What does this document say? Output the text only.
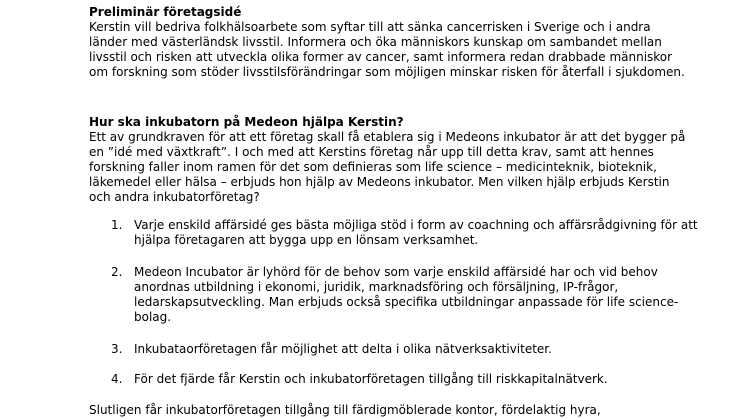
Preliminär företagsidé

Kerstin vill bedriva folkhälsoarbete som syftar till att sänka cancerrisken i Sverige och i andra länder med västerländsk livsstil. Informera och öka människors kunskap om sambandet mellan livsstil och risken att utveckla olika former av cancer, samt informera redan drabbade människor om forskning som stöder livsstilsförändringar som möjligen minskar risken för återfall i sjukdomen.

Hur ska inkubatorn på Medeon hjälpa Kerstin?

Ett av grundkraven för att ett företag skall få etablera sig i Medeons inkubator är att det bygger på en ”idé med växtkraft”. I och med att Kerstins företag når upp till detta krav, samt att hennes forskning faller inom ramen för det som definieras som life science – medicinteknik, bioteknik, läkemedel eller hälsa – erbjuds hon hjälp av Medeons inkubator. Men vilken hjälp erbjuds Kerstin och andra inkubatorföretag?

1. Varje enskild affärsidé ges bästa möjliga stöd i form av coachning och affärsrådgivning för att hjälpa företagaren att bygga upp en lönsam verksamhet.
2. Medeon Incubator är lyhörd för de behov som varje enskild affärsidé har och vid behov anordnas utbildning i ekonomi, juridik, marknadsföring och försäljning, IP-frågor, ledarskapsutveckling. Man erbjuds också specifika utbildningar anpassade för life science-bolag.
3. Inkubataorföretagen får möjlighet att delta i olika nätverksaktiviteter.
4. För det fjärde får Kerstin och inkubatorföretagen tillgång till riskkapitalnätverk.

Slutligen får inkubatorföretagen tillgång till färdigmöblerade kontor, fördelaktig hyra,
